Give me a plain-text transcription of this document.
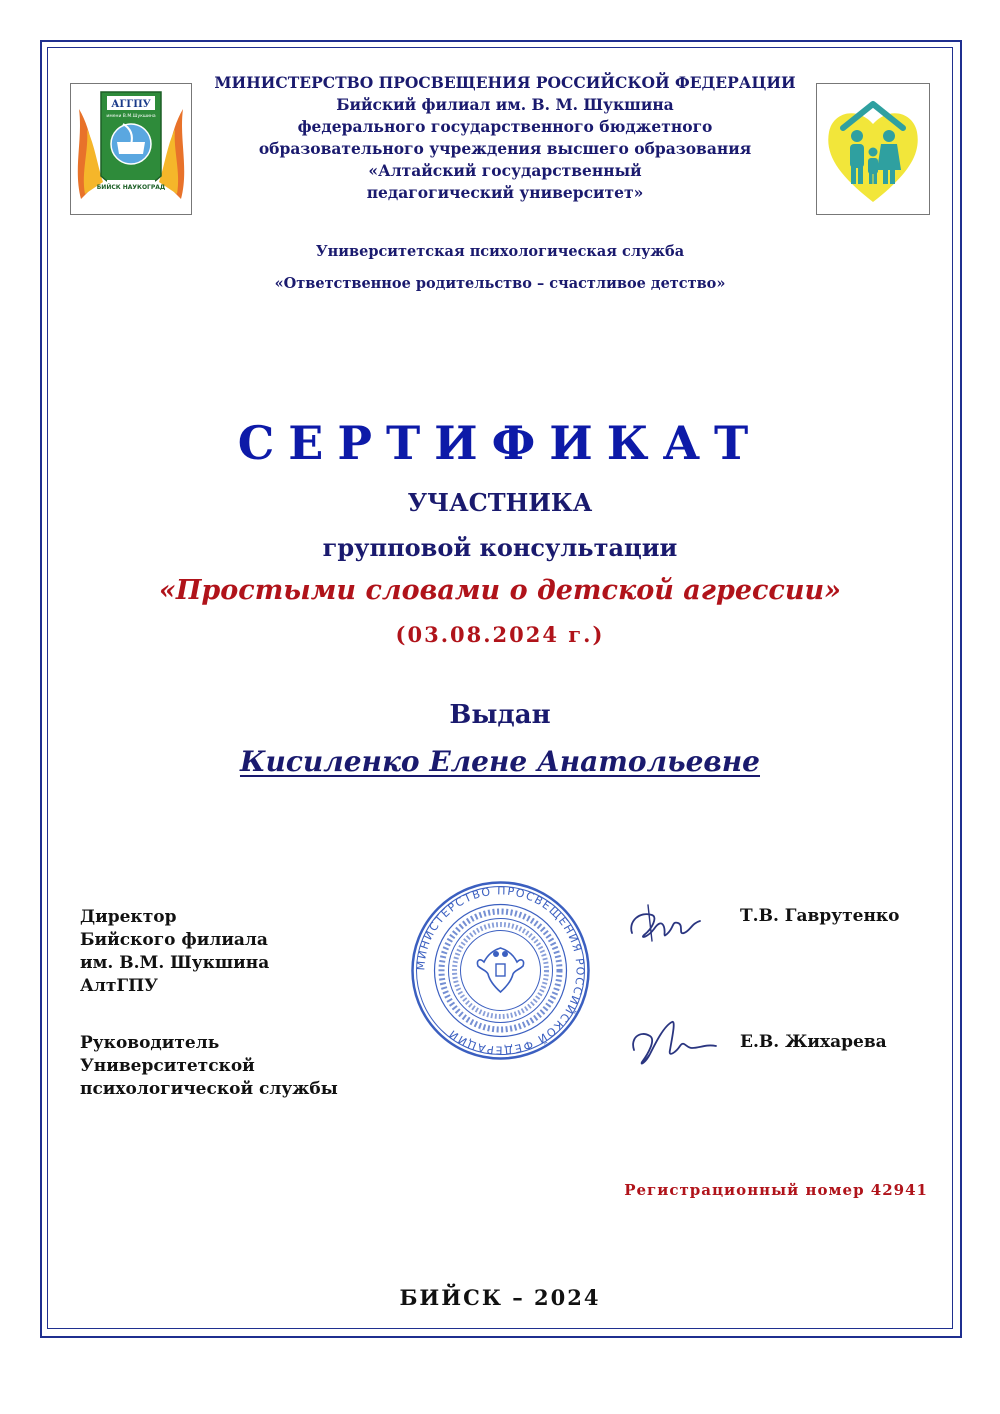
АГГПУ
имени В.М.Шукшина
БИЙСК НАУКОГРАД
МИНИСТЕРСТВО ПРОСВЕЩЕНИЯ РОССИЙСКОЙ ФЕДЕРАЦИИ
Бийский филиал им. В. М. Шукшина
федерального государственного бюджетного
образовательного учреждения высшего образования
«Алтайский государственный
педагогический университет»
Университетская психологическая служба
«Ответственное родительство – счастливое детство»
СЕРТИФИКАТ
УЧАСТНИКА
групповой консультации
«Простыми словами о детской агрессии»
(03.08.2024 г.)
Выдан
Кисиленко Елене Анатольевне
Директор
Бийского филиала
им. В.М. Шукшина
АлтГПУ
Т.В. Гаврутенко
Руководитель
Университетской
психологической службы
Е.В. Жихарева
МИНИСТЕРСТВО ПРОСВЕЩЕНИЯ РОССИЙСКОЙ ФЕДЕРАЦИИ
Регистрационный номер 42941
БИЙСК – 2024
